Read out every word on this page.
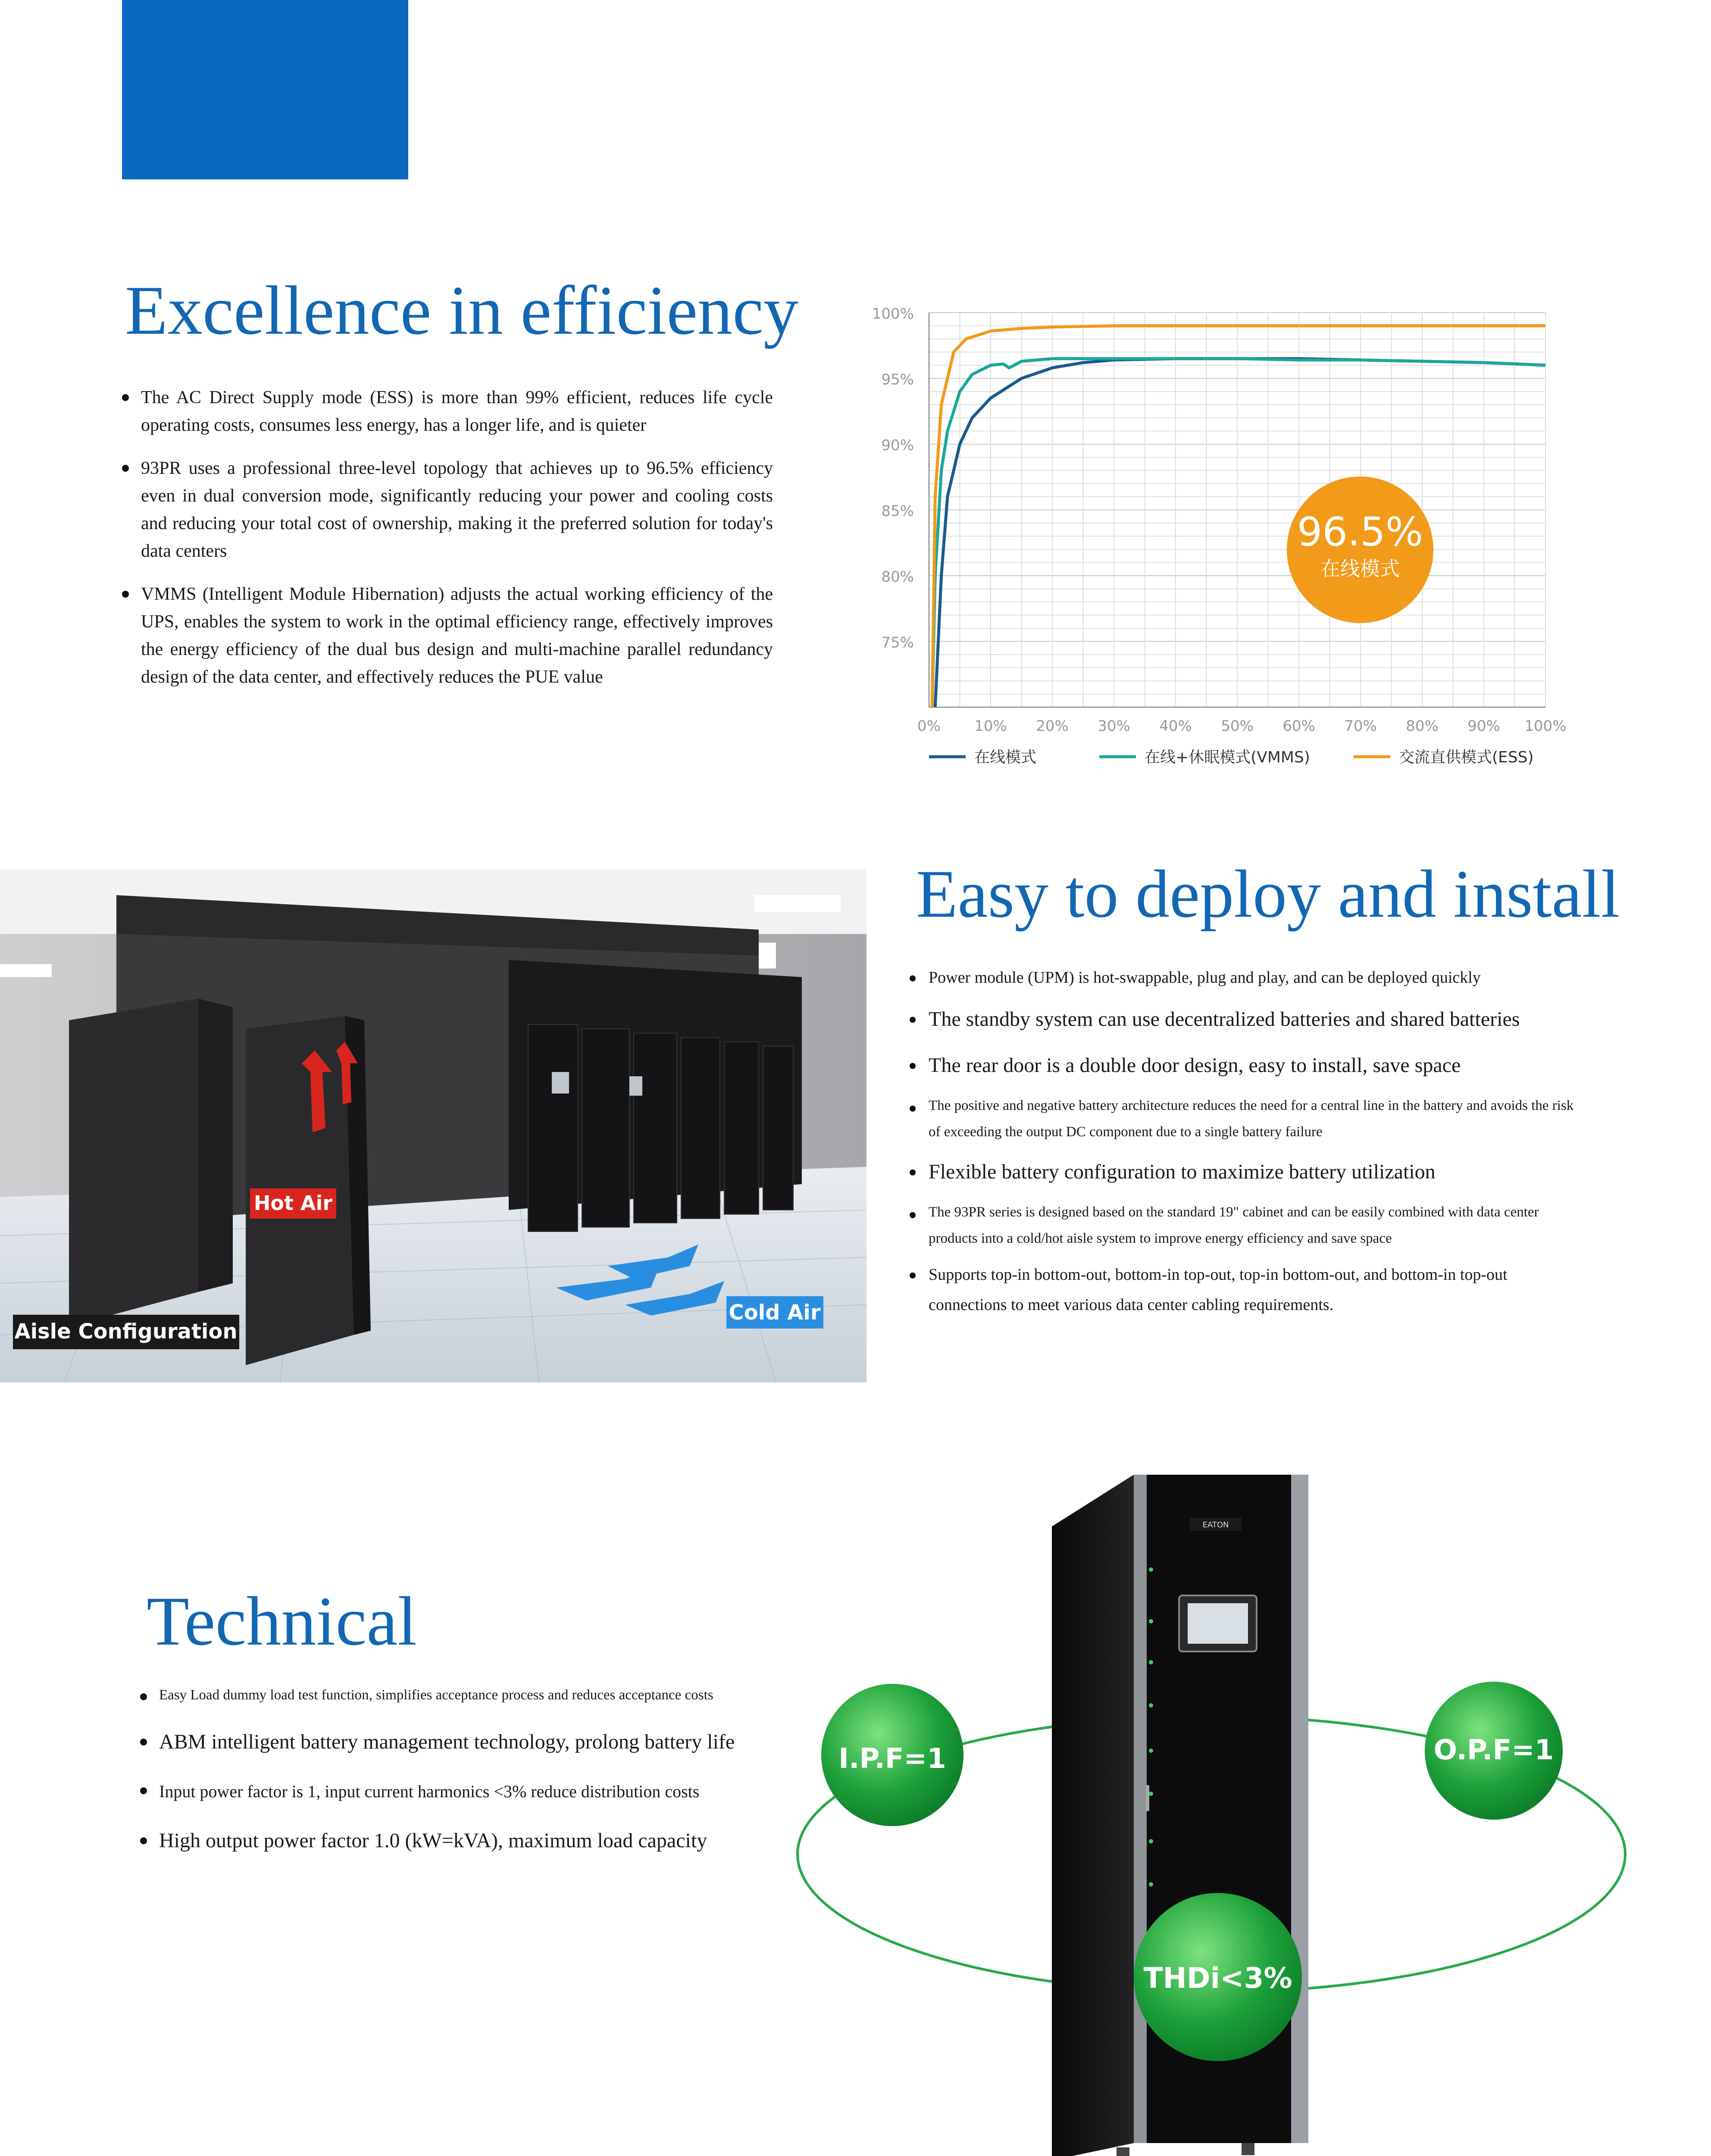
Excellence in efficiency
The AC Direct Supply mode (ESS) is more than 99% efficient, reduces life cycle operating costs, consumes less energy, has a longer life, and is quieter
93PR uses a professional three-level topology that achieves up to 96.5% efficiency even in dual conversion mode, significantly reducing your power and cooling costs and reducing your total cost of ownership, making it the preferred solution for today's data centers
VMMS (Intelligent Module Hibernation) adjusts the actual working efficiency of the UPS, enables the system to work in the optimal efficiency range, effectively improves the energy efficiency of the dual bus design and multi-machine parallel redundancy design of the data center, and effectively reduces the PUE value
75%
80%
85%
90%
95%
100%
0% 10% 20% 30% 40% 50% 60% 70% 80% 90% 100%
96.5%
在线模式
在线模式	在线+休眠模式(VMMS)	交流直供模式(ESS)
Hot Air
Cold Air
Aisle Configuration
Easy to deploy and install
Power module (UPM) is hot-swappable, plug and play, and can be deployed quickly
The standby system can use decentralized batteries and shared batteries
The rear door is a double door design, easy to install, save space
The positive and negative battery architecture reduces the need for a central line in the battery and avoids the risk of exceeding the output DC component due to a single battery failure
Flexible battery configuration to maximize battery utilization
The 93PR series is designed based on the standard 19" cabinet and can be easily combined with data center products into a cold/hot aisle system to improve energy efficiency and save space
Supports top-in bottom-out, bottom-in top-out, top-in bottom-out, and bottom-in top-out connections to meet various data center cabling requirements.
Technical
Easy Load dummy load test function, simplifies acceptance process and reduces acceptance costs
ABM intelligent battery management technology, prolong battery life
Input power factor is 1, input current harmonics <3% reduce distribution costs
High output power factor 1.0 (kW=kVA), maximum load capacity
EATON
I.P.F=1	O.P.F=1
THDi<3%
